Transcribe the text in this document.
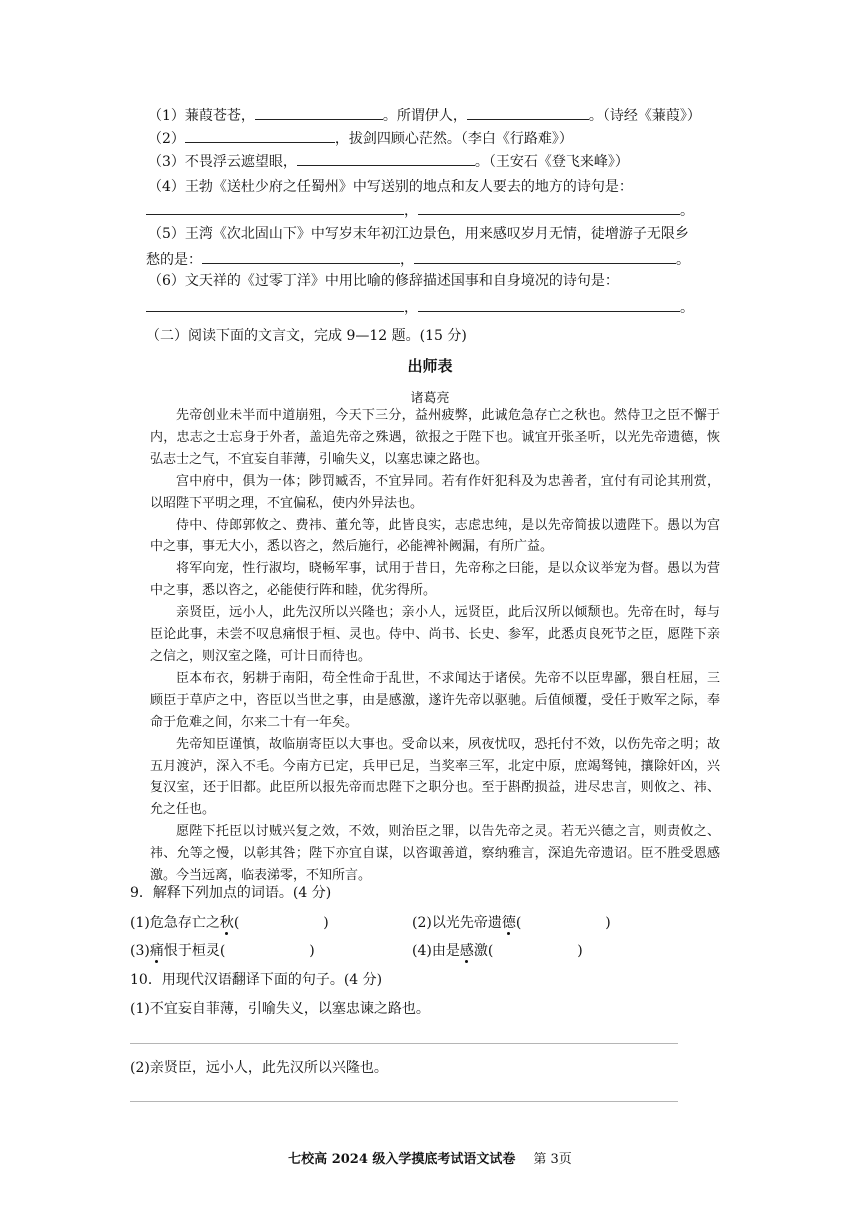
（1）蒹葭苍苍，	。所谓伊人，	。（诗经《蒹葭》）
（2）	，拔剑四顾心茫然。（李白《行路难》）
（3）不畏浮云遮望眼，	。（王安石《登飞来峰》）
（4）王勃《送杜少府之任蜀州》中写送别的地点和友人要去的地方的诗句是：
，	。
（5）王湾《次北固山下》中写岁末年初江边景色，用来感叹岁月无情，徒增游子无限乡
愁的是：	，	。
（6）文天祥的《过零丁洋》中用比喻的修辞描述国事和自身境况的诗句是：
，	。
（二）阅读下面的文言文，完成 9—12 题。(15 分)
出师表
诸葛亮

先帝创业未半而中道崩殂，今天下三分，益州疲弊，此诚危急存亡之秋也。然侍卫之臣不懈于内，忠志之士忘身于外者，盖追先帝之殊遇，欲报之于陛下也。诚宜开张圣听，以光先帝遗德，恢弘志士之气，不宜妄自菲薄，引喻失义，以塞忠谏之路也。

宫中府中，俱为一体；陟罚臧否，不宜异同。若有作奸犯科及为忠善者，宜付有司论其刑赏，以昭陛下平明之理，不宜偏私，使内外异法也。

侍中、侍郎郭攸之、费祎、董允等，此皆良实，志虑忠纯，是以先帝简拔以遗陛下。愚以为宫中之事，事无大小，悉以咨之，然后施行，必能裨补阙漏，有所广益。

将军向宠，性行淑均，晓畅军事，试用于昔日，先帝称之曰能，是以众议举宠为督。愚以为营中之事，悉以咨之，必能使行阵和睦，优劣得所。

亲贤臣，远小人，此先汉所以兴隆也；亲小人，远贤臣，此后汉所以倾颓也。先帝在时，每与臣论此事，未尝不叹息痛恨于桓、灵也。侍中、尚书、长史、参军，此悉贞良死节之臣，愿陛下亲之信之，则汉室之隆，可计日而待也。

臣本布衣，躬耕于南阳，苟全性命于乱世，不求闻达于诸侯。先帝不以臣卑鄙，猥自枉屈，三顾臣于草庐之中，咨臣以当世之事，由是感激，遂许先帝以驱驰。后值倾覆，受任于败军之际，奉命于危难之间，尔来二十有一年矣。

先帝知臣谨慎，故临崩寄臣以大事也。受命以来，夙夜忧叹，恐托付不效，以伤先帝之明；故五月渡泸，深入不毛。今南方已定，兵甲已足，当奖率三军，北定中原，庶竭驽钝，攘除奸凶，兴复汉室，还于旧都。此臣所以报先帝而忠陛下之职分也。至于斟酌损益，进尽忠言，则攸之、祎、允之任也。

愿陛下托臣以讨贼兴复之效，不效，则治臣之罪，以告先帝之灵。若无兴德之言，则责攸之、祎、允等之慢，以彰其咎；陛下亦宜自谋，以咨诹善道，察纳雅言，深追先帝遗诏。臣不胜受恩感激。今当远离，临表涕零，不知所言。

9．解释下列加点的词语。(4 分)
(1)危急存亡之秋(　　　　　　)	(2)以光先帝遗德(　　　　　　)
(3)痛恨于桓灵(　　　　　　)	(4)由是感激(　　　　　　)
10．用现代汉语翻译下面的句子。(4 分)
(1)不宜妄自菲薄，引喻失义，以塞忠谏之路也。
(2)亲贤臣，远小人，此先汉所以兴隆也。
七校高 2024 级入学摸底考试语文试卷 第 3页
